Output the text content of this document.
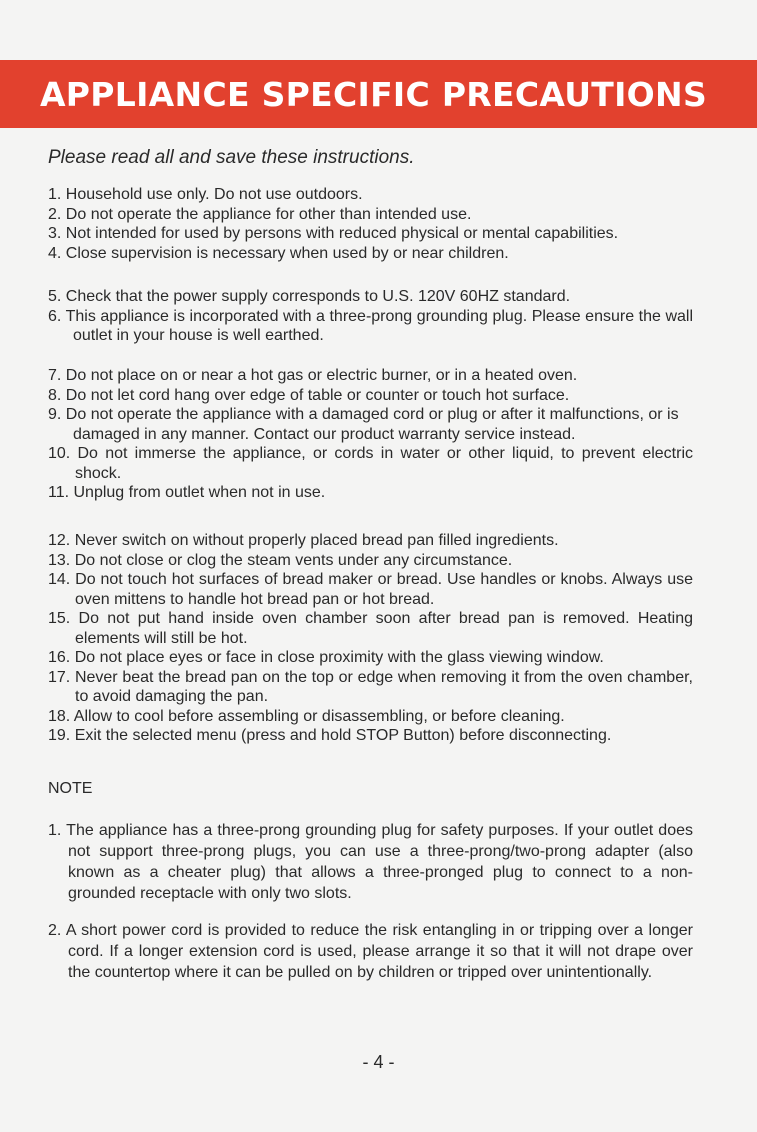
APPLIANCE SPECIFIC PRECAUTIONS
Please read all and save these instructions.

1. Household use only. Do not use outdoors.

2. Do not operate the appliance for other than intended use.

3. Not intended for used by persons with reduced physical or mental capabilities.

4. Close supervision is necessary when used by or near children.

5. Check that the power supply corresponds to U.S. 120V 60HZ standard.

6. This appliance is incorporated with a three-prong grounding plug. Please ensure the wall outlet in your house is well earthed.

7. Do not place on or near a hot gas or electric burner, or in a heated oven.

8. Do not let cord hang over edge of table or counter or touch hot surface.

9. Do not operate the appliance with a damaged cord or plug or after it malfunctions, or is damaged in any manner. Contact our product warranty service instead.

10. Do not immerse the appliance, or cords in water or other liquid, to prevent electric shock.

11. Unplug from outlet when not in use.

12. Never switch on without properly placed bread pan filled ingredients.

13. Do not close or clog the steam vents under any circumstance.

14. Do not touch hot surfaces of bread maker or bread. Use handles or knobs. Always use oven mittens to handle hot bread pan or hot bread.

15. Do not put hand inside oven chamber soon after bread pan is removed. Heating elements will still be hot.

16. Do not place eyes or face in close proximity with the glass viewing window.

17. Never beat the bread pan on the top or edge when removing it from the oven chamber, to avoid damaging the pan.

18. Allow to cool before assembling or disassembling, or before cleaning.

19. Exit the selected menu (press and hold STOP Button) before disconnecting.

NOTE

1. The appliance has a three-prong grounding plug for safety purposes. If your outlet does not support three-prong plugs, you can use a three-prong/two-prong adapter (also known as a cheater plug) that allows a three-pronged plug to connect to a non-grounded receptacle with only two slots.

2. A short power cord is provided to reduce the risk entangling in or tripping over a longer cord. If a longer extension cord is used, please arrange it so that it will not drape over the countertop where it can be pulled on by children or tripped over unintentionally.

- 4 -
